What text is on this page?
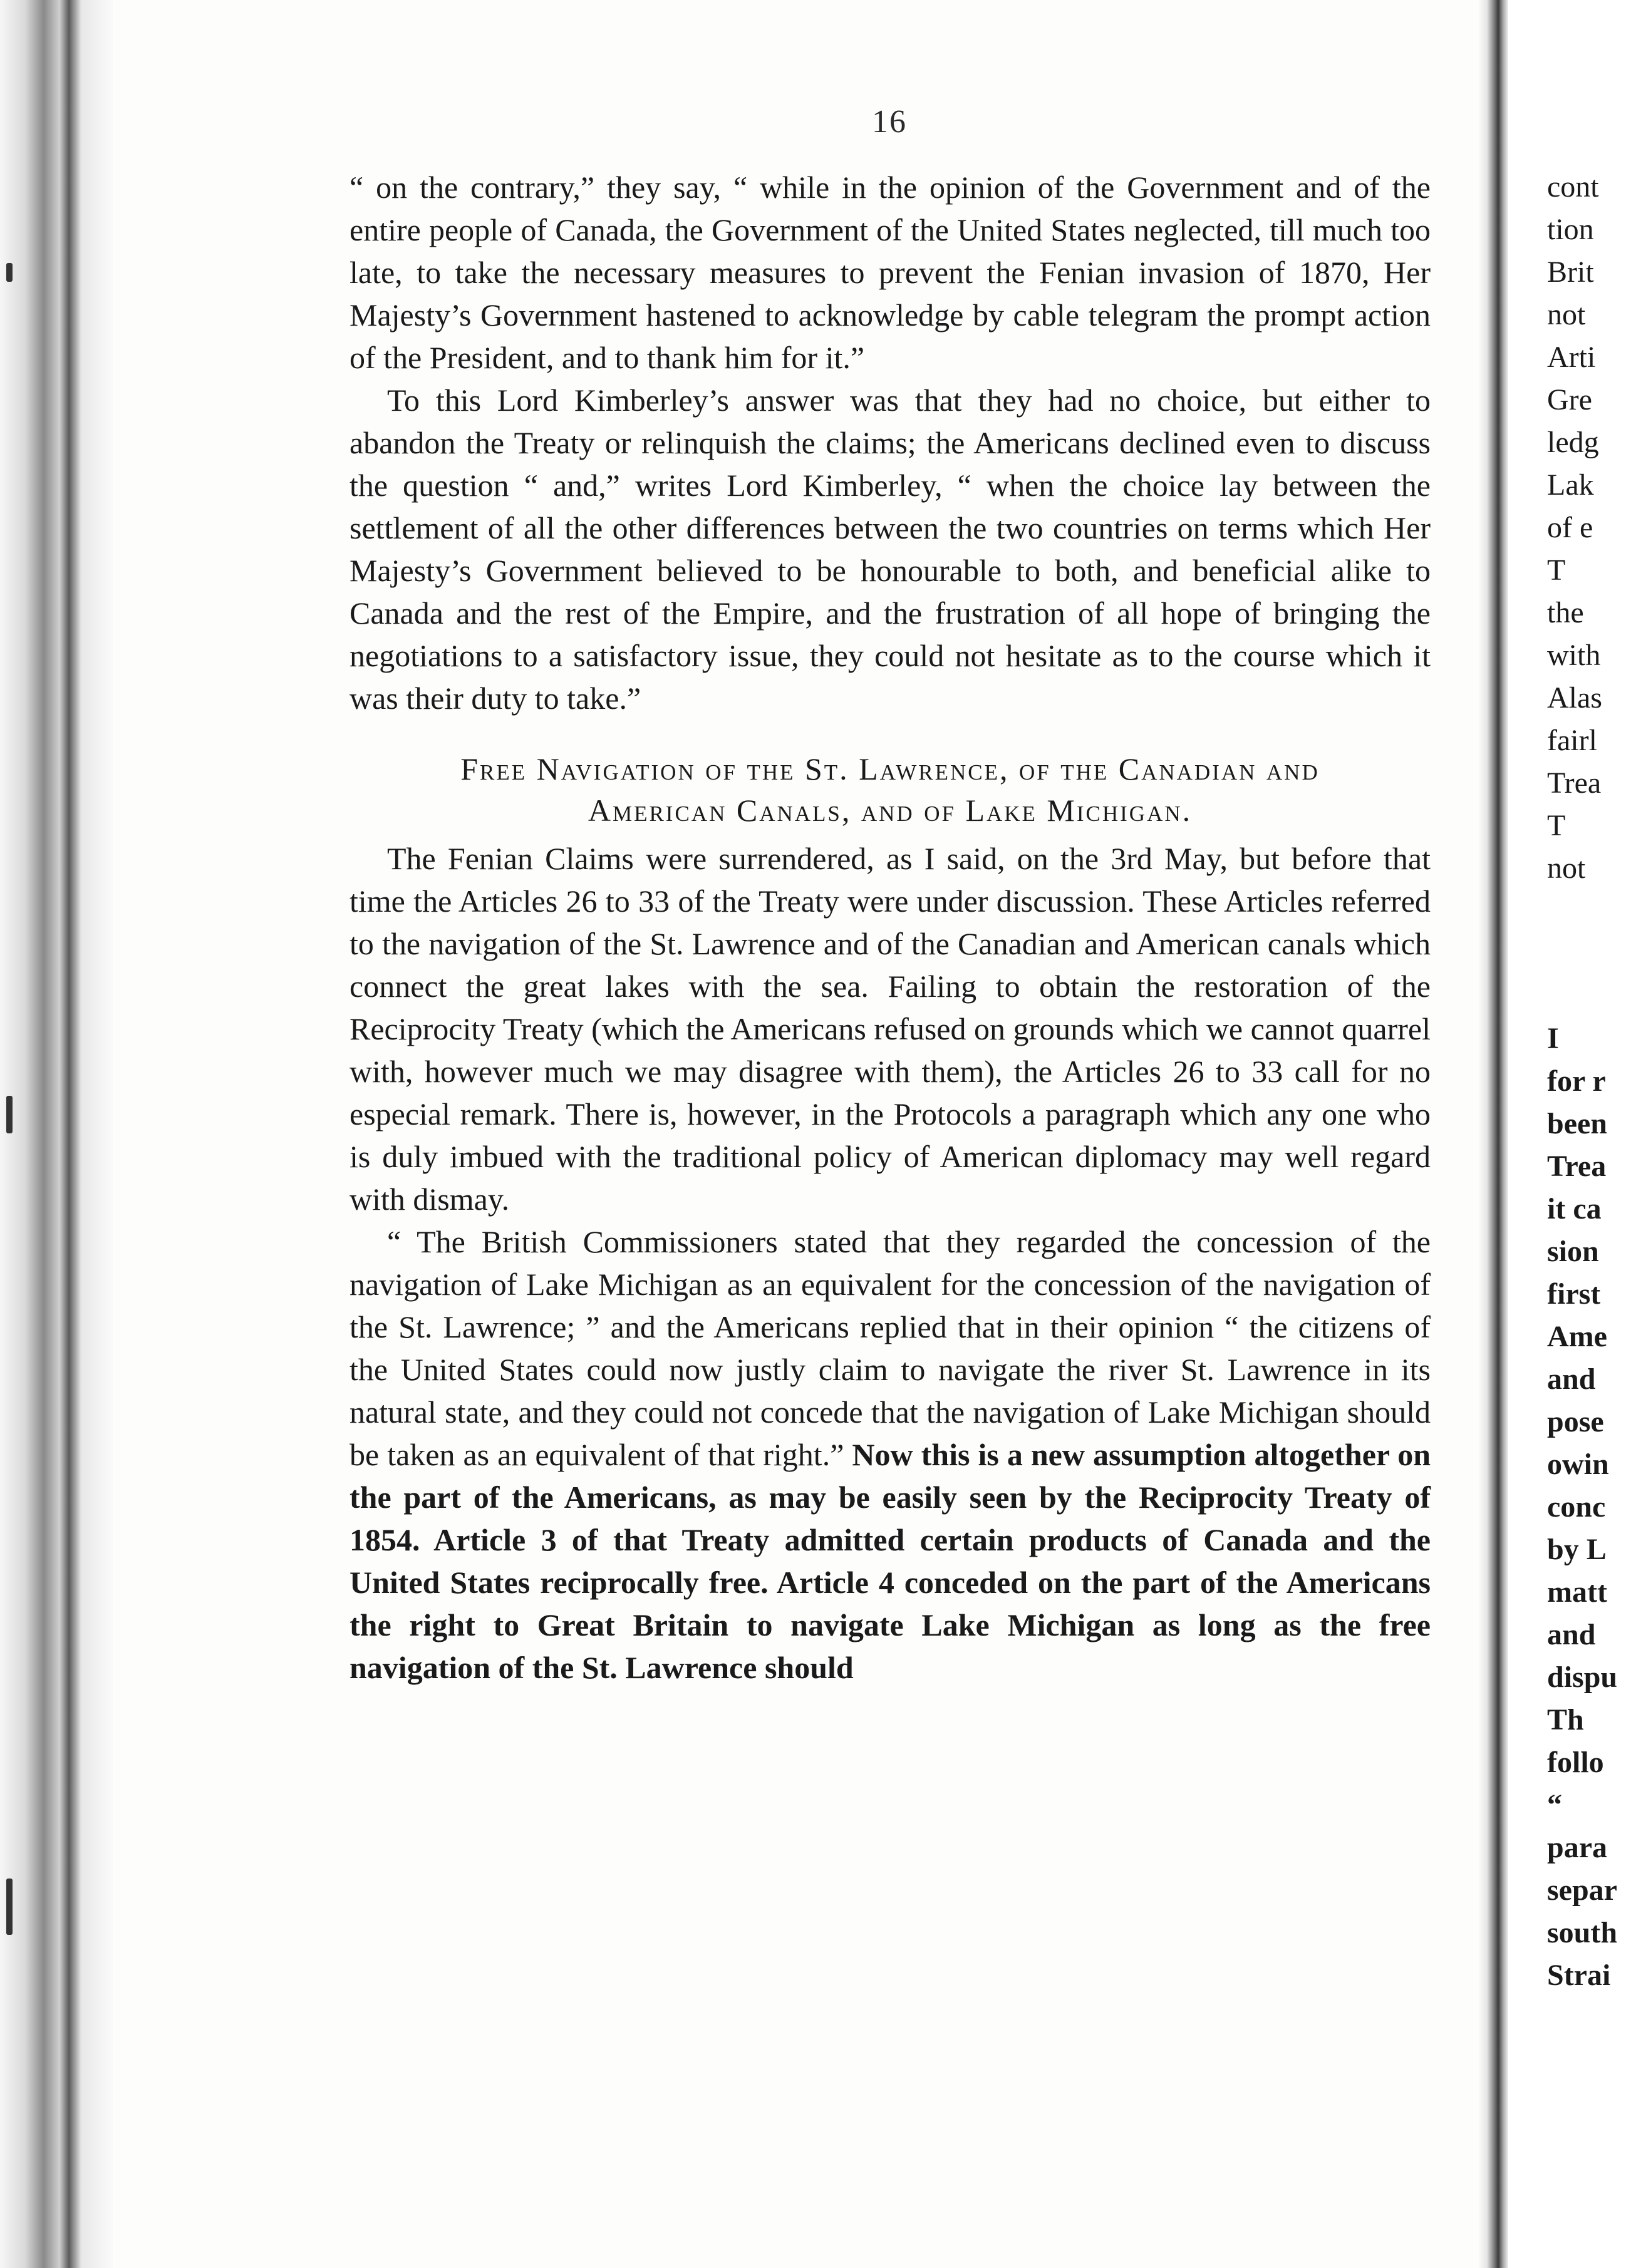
16

“ on the contrary,” they say, “ while in the opinion of the Government and of the entire people of Canada, the Government of the United States neglected, till much too late, to take the necessary measures to prevent the Fenian invasion of 1870, Her Majesty’s Government hastened to acknowledge by cable telegram the prompt action of the President, and to thank him for it.”

To this Lord Kimberley’s answer was that they had no choice, but either to abandon the Treaty or relinquish the claims; the Americans declined even to discuss the question “ and,” writes Lord Kimberley, “ when the choice lay between the settlement of all the other differences between the two countries on terms which Her Majesty’s Government believed to be honourable to both, and beneficial alike to Canada and the rest of the Empire, and the frustration of all hope of bringing the negotiations to a satisfactory issue, they could not hesitate as to the course which it was their duty to take.”

Free Navigation of the St. Lawrence, of the Canadian and
American Canals, and of Lake Michigan.

The Fenian Claims were surrendered, as I said, on the 3rd May, but before that time the Articles 26 to 33 of the Treaty were under discussion. These Articles referred to the navigation of the St. Lawrence and of the Canadian and American canals which connect the great lakes with the sea. Failing to obtain the restoration of the Reciprocity Treaty (which the Americans refused on grounds which we cannot quarrel with, however much we may disagree with them), the Articles 26 to 33 call for no especial remark. There is, however, in the Protocols a paragraph which any one who is duly imbued with the traditional policy of American diplomacy may well regard with dismay.

“ The British Commissioners stated that they regarded the concession of the navigation of Lake Michigan as an equivalent for the concession of the navigation of the St. Lawrence; ” and the Americans replied that in their opinion “ the citizens of the United States could now justly claim to navigate the river St. Lawrence in its natural state, and they could not concede that the navigation of Lake Michigan should be taken as an equivalent of that right.” Now this is a new assumption altogether on the part of the Americans, as may be easily seen by the Reciprocity Treaty of 1854. Article 3 of that Treaty admitted certain products of Canada and the United States reciprocally free. Article 4 conceded on the part of the Americans the right to Great Britain to navigate Lake Michigan as long as the free navigation of the St. Lawrence should

cont
tion
Brit
not
Arti
Gre
ledg
Lak
of e
T
the
with
Alas
fairl
Trea
T
not
I
for r
been
Trea
it ca
sion
first
Ame
and
pose
owin
conc
by L
matt
and
dispu
Th
follo
“
para
separ
south
Strai
